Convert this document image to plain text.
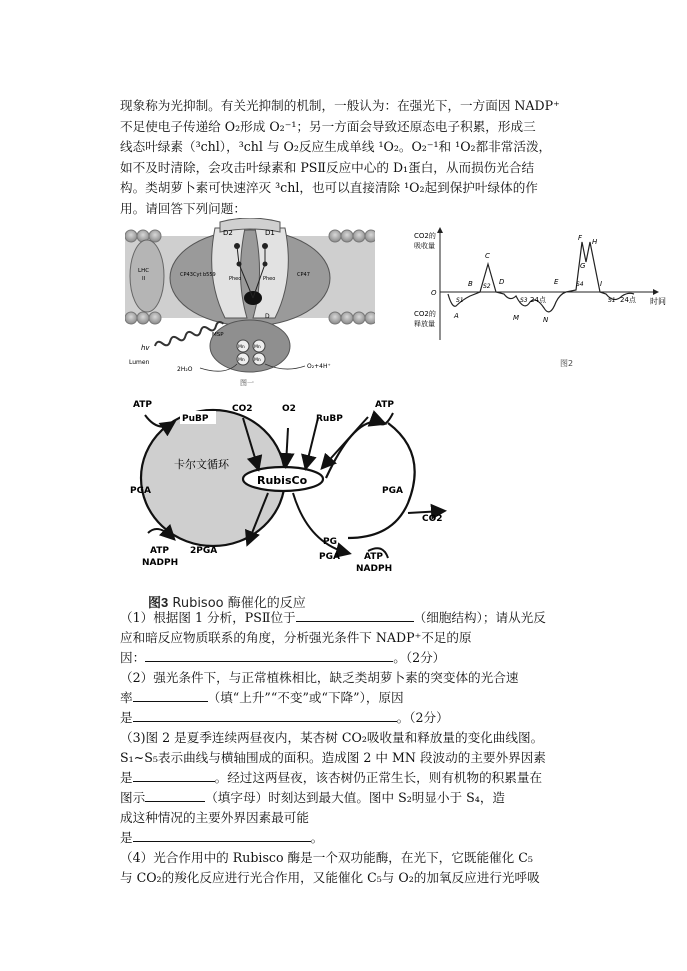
现象称为光抑制。有关光抑制的机制，一般认为：在强光下，一方面因 NADP⁺

不足使电子传递给 O₂形成 O₂⁻¹；另一方面会导致还原态电子积累，形成三

线态叶绿素（³chl），³chl 与 O₂反应生成单线 ¹O₂。O₂⁻¹和 ¹O₂都非常活泼，

如不及时清除，会攻击叶绿素和 PSⅡ反应中心的 D₁蛋白，从而损伤光合结

构。类胡萝卜素可快速淬灭 ³chl，也可以直接清除 ¹O₂起到保护叶绿体的作

用。请回答下列问题：

LHC
II
D2	D1
CP43 Cyt b559
Pheo	Pheo
CP47
D
MSP
Mn Mn
Mn Mn
hv
Lumen
2H₂O	O₂+4H⁺
图一
CO2的
吸收量
CO2的
释放量
时间
O
A
B
C
D
M	N
E
F
G
H
I
S1
S2
S3
S4
S1
24点	24点
图2
卡尔文循环
RubisCo
ATP
PuBP
CO2	O2
RuBP
ATP
PGA	PGA
CO2
ATP
NADPH
2PGA
PG
PGA	ATP
NADPH
图3 Rubisoo 酶催化的反应

（1）根据图 1 分析，PSⅡ位于	（细胞结构）；请从光反

应和暗反应物质联系的角度，分析强光条件下 NADP⁺不足的原

因：	。（2分）

（2）强光条件下，与正常植株相比，缺乏类胡萝卜素的突变体的光合速

率	（填“上升”“不变”或“下降”），原因

是	。（2分）

（3)图 2 是夏季连续两昼夜内，某杏树 CO₂吸收量和释放量的变化曲线图。

S₁~S₅表示曲线与横轴围成的面积。造成图 2 中 MN 段波动的主要外界因素

是	。经过这两昼夜，该杏树仍正常生长，则有机物的积累量在

图示	（填字母）时刻达到最大值。图中 S₂明显小于 S₄，造

成这种情况的主要外界因素最可能

是	。

（4）光合作用中的 Rubisco 酶是一个双功能酶，在光下，它既能催化 C₅

与 CO₂的羧化反应进行光合作用，又能催化 C₅与 O₂的加氧反应进行光呼吸
